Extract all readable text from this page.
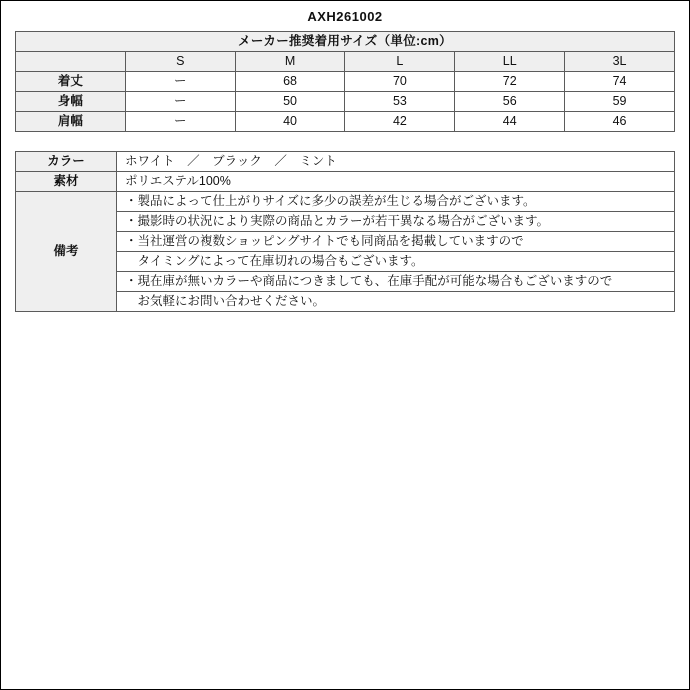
AXH261002
メーカー推奨着用サイズ（単位:cm）					
	S	M	L	LL	3L
着丈	ー	68	70	72	74
身幅	ー	50	53	56	59
肩幅	ー	40	42	44	46
カラー	ホワイト　／　ブラック　／　ミント
素材	ポリエステル100%
備考	
・製品によって仕上がりサイズに多少の誤差が生じる場合がございます。
・撮影時の状況により実際の商品とカラーが若干異なる場合がございます。
・当社運営の複数ショッピングサイトでも同商品を掲載していますので
　タイミングによって在庫切れの場合もございます。
・現在庫が無いカラーや商品につきましても、在庫手配が可能な場合もございますので
　お気軽にお問い合わせください。
